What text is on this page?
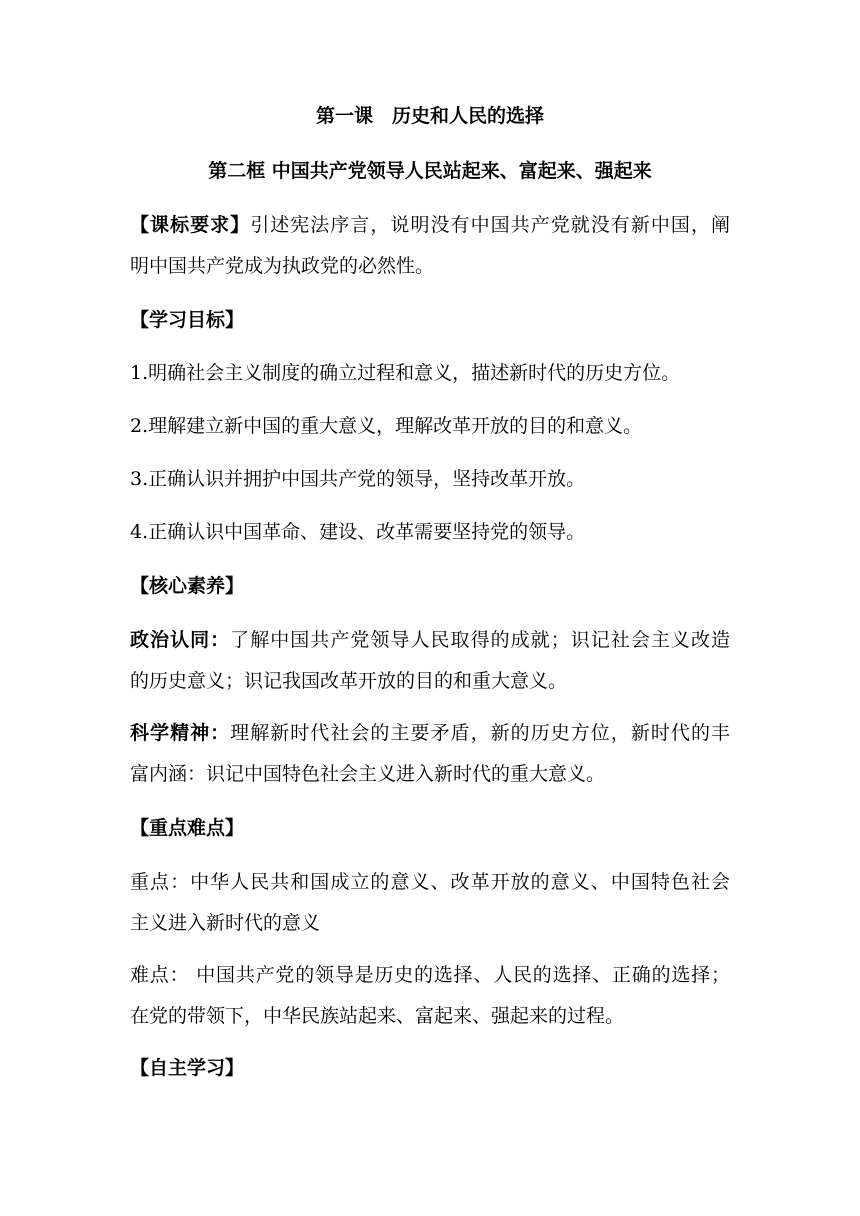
第一课　历史和人民的选择
第二框 中国共产党领导人民站起来、富起来、强起来
【课标要求】引述宪法序言，说明没有中国共产党就没有新中国，阐
明中国共产党成为执政党的必然性。
【学习目标】
1.明确社会主义制度的确立过程和意义，描述新时代的历史方位。
2.理解建立新中国的重大意义，理解改革开放的目的和意义。
3.正确认识并拥护中国共产党的领导，坚持改革开放。
4.正确认识中国革命、建设、改革需要坚持党的领导。
【核心素养】
政治认同：了解中国共产党领导人民取得的成就；识记社会主义改造
的历史意义；识记我国改革开放的目的和重大意义。
科学精神：理解新时代社会的主要矛盾，新的历史方位，新时代的丰
富内涵：识记中国特色社会主义进入新时代的重大意义。
【重点难点】
重点：中华人民共和国成立的意义、改革开放的意义、中国特色社会
主义进入新时代的意义
难点： 中国共产党的领导是历史的选择、人民的选择、正确的选择；
在党的带领下，中华民族站起来、富起来、强起来的过程。
【自主学习】
